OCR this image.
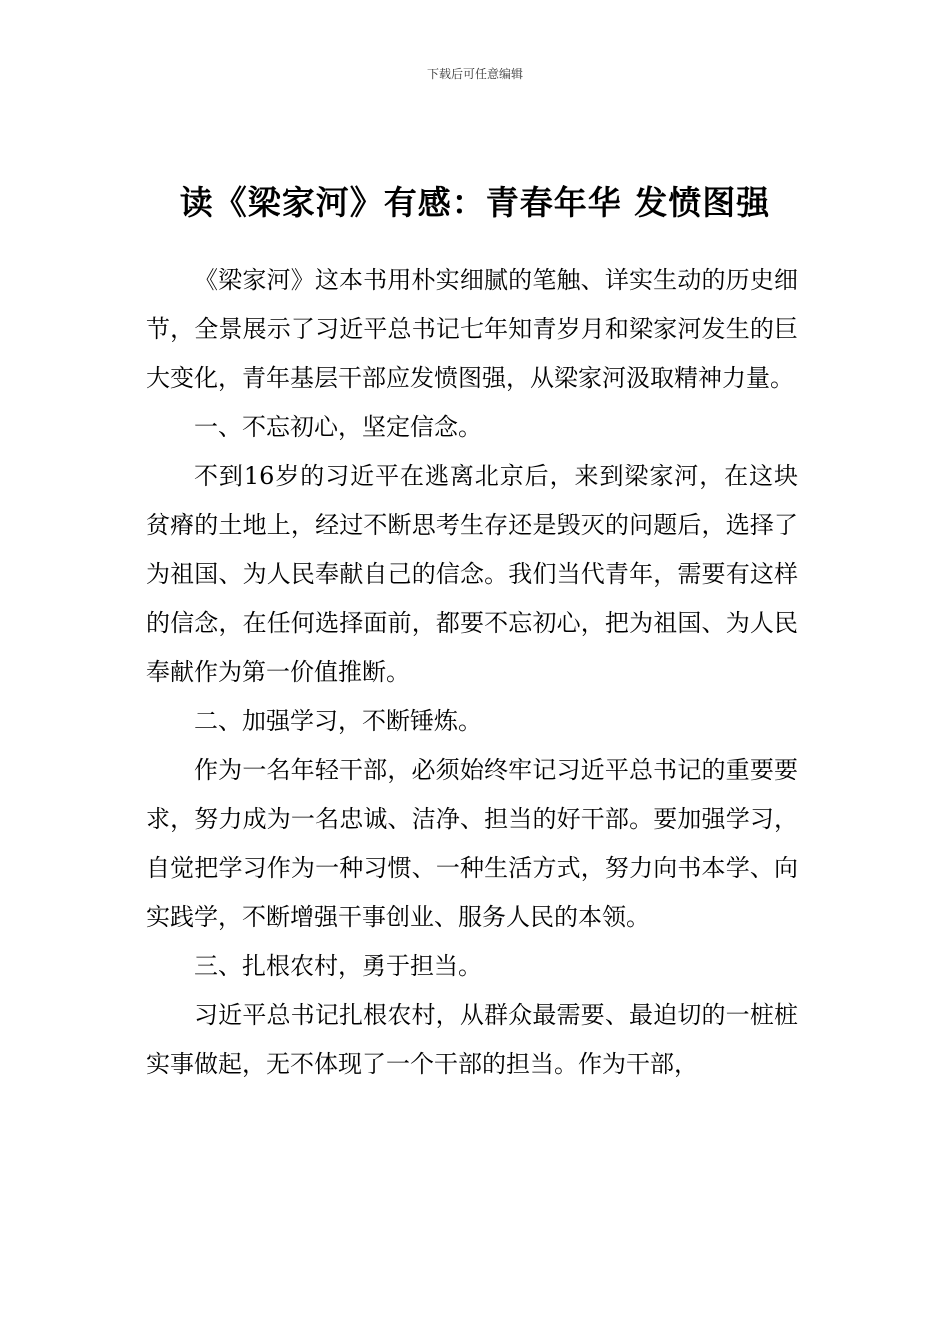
下载后可任意编辑
读《梁家河》有感：青春年华 发愤图强

《梁家河》这本书用朴实细腻的笔触、详实生动的历史细节，全景展示了习近平总书记七年知青岁月和梁家河发生的巨大变化，青年基层干部应发愤图强，从梁家河汲取精神力量。

一、不忘初心，坚定信念。

不到16岁的习近平在逃离北京后，来到梁家河，在这块贫瘠的土地上，经过不断思考生存还是毁灭的问题后，选择了为祖国、为人民奉献自己的信念。我们当代青年，需要有这样的信念，在任何选择面前，都要不忘初心，把为祖国、为人民奉献作为第一价值推断。

二、加强学习，不断锤炼。

作为一名年轻干部，必须始终牢记习近平总书记的重要要求，努力成为一名忠诚、洁净、担当的好干部。要加强学习，自觉把学习作为一种习惯、一种生活方式，努力向书本学、向实践学，不断增强干事创业、服务人民的本领。

三、扎根农村，勇于担当。

习近平总书记扎根农村，从群众最需要、最迫切的一桩桩实事做起，无不体现了一个干部的担当。作为干部，
